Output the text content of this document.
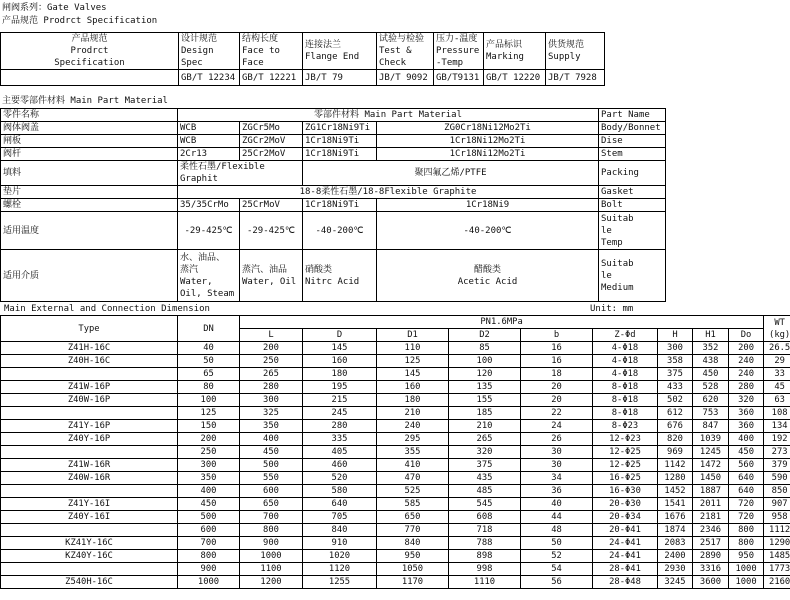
闸阀系列：Gate Valves
产品规范 Prodrct Specification
产品规范
Prodrct
Specification	设计规范
Design Spec	结构长度
Face to
Face	连接法兰
Flange End	试验与检验
Test &
Check	压力-温度
Pressure
-Temp	产品标识
Marking	供货规范
Supply
	GB/T 12234	GB/T 12221	JB/T 79	JB/T 9092	GB/T9131	GB/T 12220	JB/T 7928
主要零部件材料 Main Part Material
零件名称	零部件材料 Main Part Material				Part Name
阀体阀盖	WCB	ZGCr5Mo	ZG1Cr18Ni9Ti	ZG0Cr18Ni12Mo2Ti	Body/Bonnet
闸板	WCB	ZGCr2MoV	1Cr18Ni9Ti	1Cr18Ni12Mo2Ti	Dise
阀杆	2Cr13	25Cr2MoV	1Cr18Ni9Ti	1Cr18Ni12Mo2Ti	Stem
填料	柔性石墨/Flexible Graphit		聚四氟乙烯/PTFE		Packing
垫片	18-8柔性石墨/18-8Flexible Graphite				Gasket
螺栓	35/35CrMo	25CrMoV	1Cr18Ni9Ti	1Cr18Ni9	Bolt
适用温度	-29-425℃	-29-425℃	-40-200℃	-40-200℃	Suitab
le
Temp
适用介质	水、油品、
蒸汽
Water,
Oil, Steam	蒸汽、油品
Water, Oil	硝酸类
Nitrc Acid	醋酸类
Acetic Acid	Suitab
le
Medium
Main External and Connection Dimension	Unit: mm
Type	DN	PN1.6MPa									WT
(kg)
		L	D	D1	D2	b	Z-Φd	H	H1	Do	
Z41H-16C	40	200	145	110	85	16	4-Φ18	300	352	200	26.5
Z40H-16C	50	250	160	125	100	16	4-Φ18	358	438	240	29
	65	265	180	145	120	18	4-Φ18	375	450	240	33
Z41W-16P	80	280	195	160	135	20	8-Φ18	433	528	280	45
Z40W-16P	100	300	215	180	155	20	8-Φ18	502	620	320	63
	125	325	245	210	185	22	8-Φ18	612	753	360	108
Z41Y-16P	150	350	280	240	210	24	8-Φ23	676	847	360	134
Z40Y-16P	200	400	335	295	265	26	12-Φ23	820	1039	400	192
	250	450	405	355	320	30	12-Φ25	969	1245	450	273
Z41W-16R	300	500	460	410	375	30	12-Φ25	1142	1472	560	379
Z40W-16R	350	550	520	470	435	34	16-Φ25	1280	1450	640	590
	400	600	580	525	485	36	16-Φ30	1452	1887	640	850
Z41Y-16I	450	650	640	585	545	40	20-Φ30	1541	2011	720	907
Z40Y-16I	500	700	705	650	608	44	20-Φ34	1676	2181	720	958
	600	800	840	770	718	48	20-Φ41	1874	2346	800	1112
KZ41Y-16C	700	900	910	840	788	50	24-Φ41	2083	2517	800	1290
KZ40Y-16C	800	1000	1020	950	898	52	24-Φ41	2400	2890	950	1485
	900	1100	1120	1050	998	54	28-Φ41	2930	3316	1000	1773
Z540H-16C	1000	1200	1255	1170	1110	56	28-Φ48	3245	3600	1000	2160
